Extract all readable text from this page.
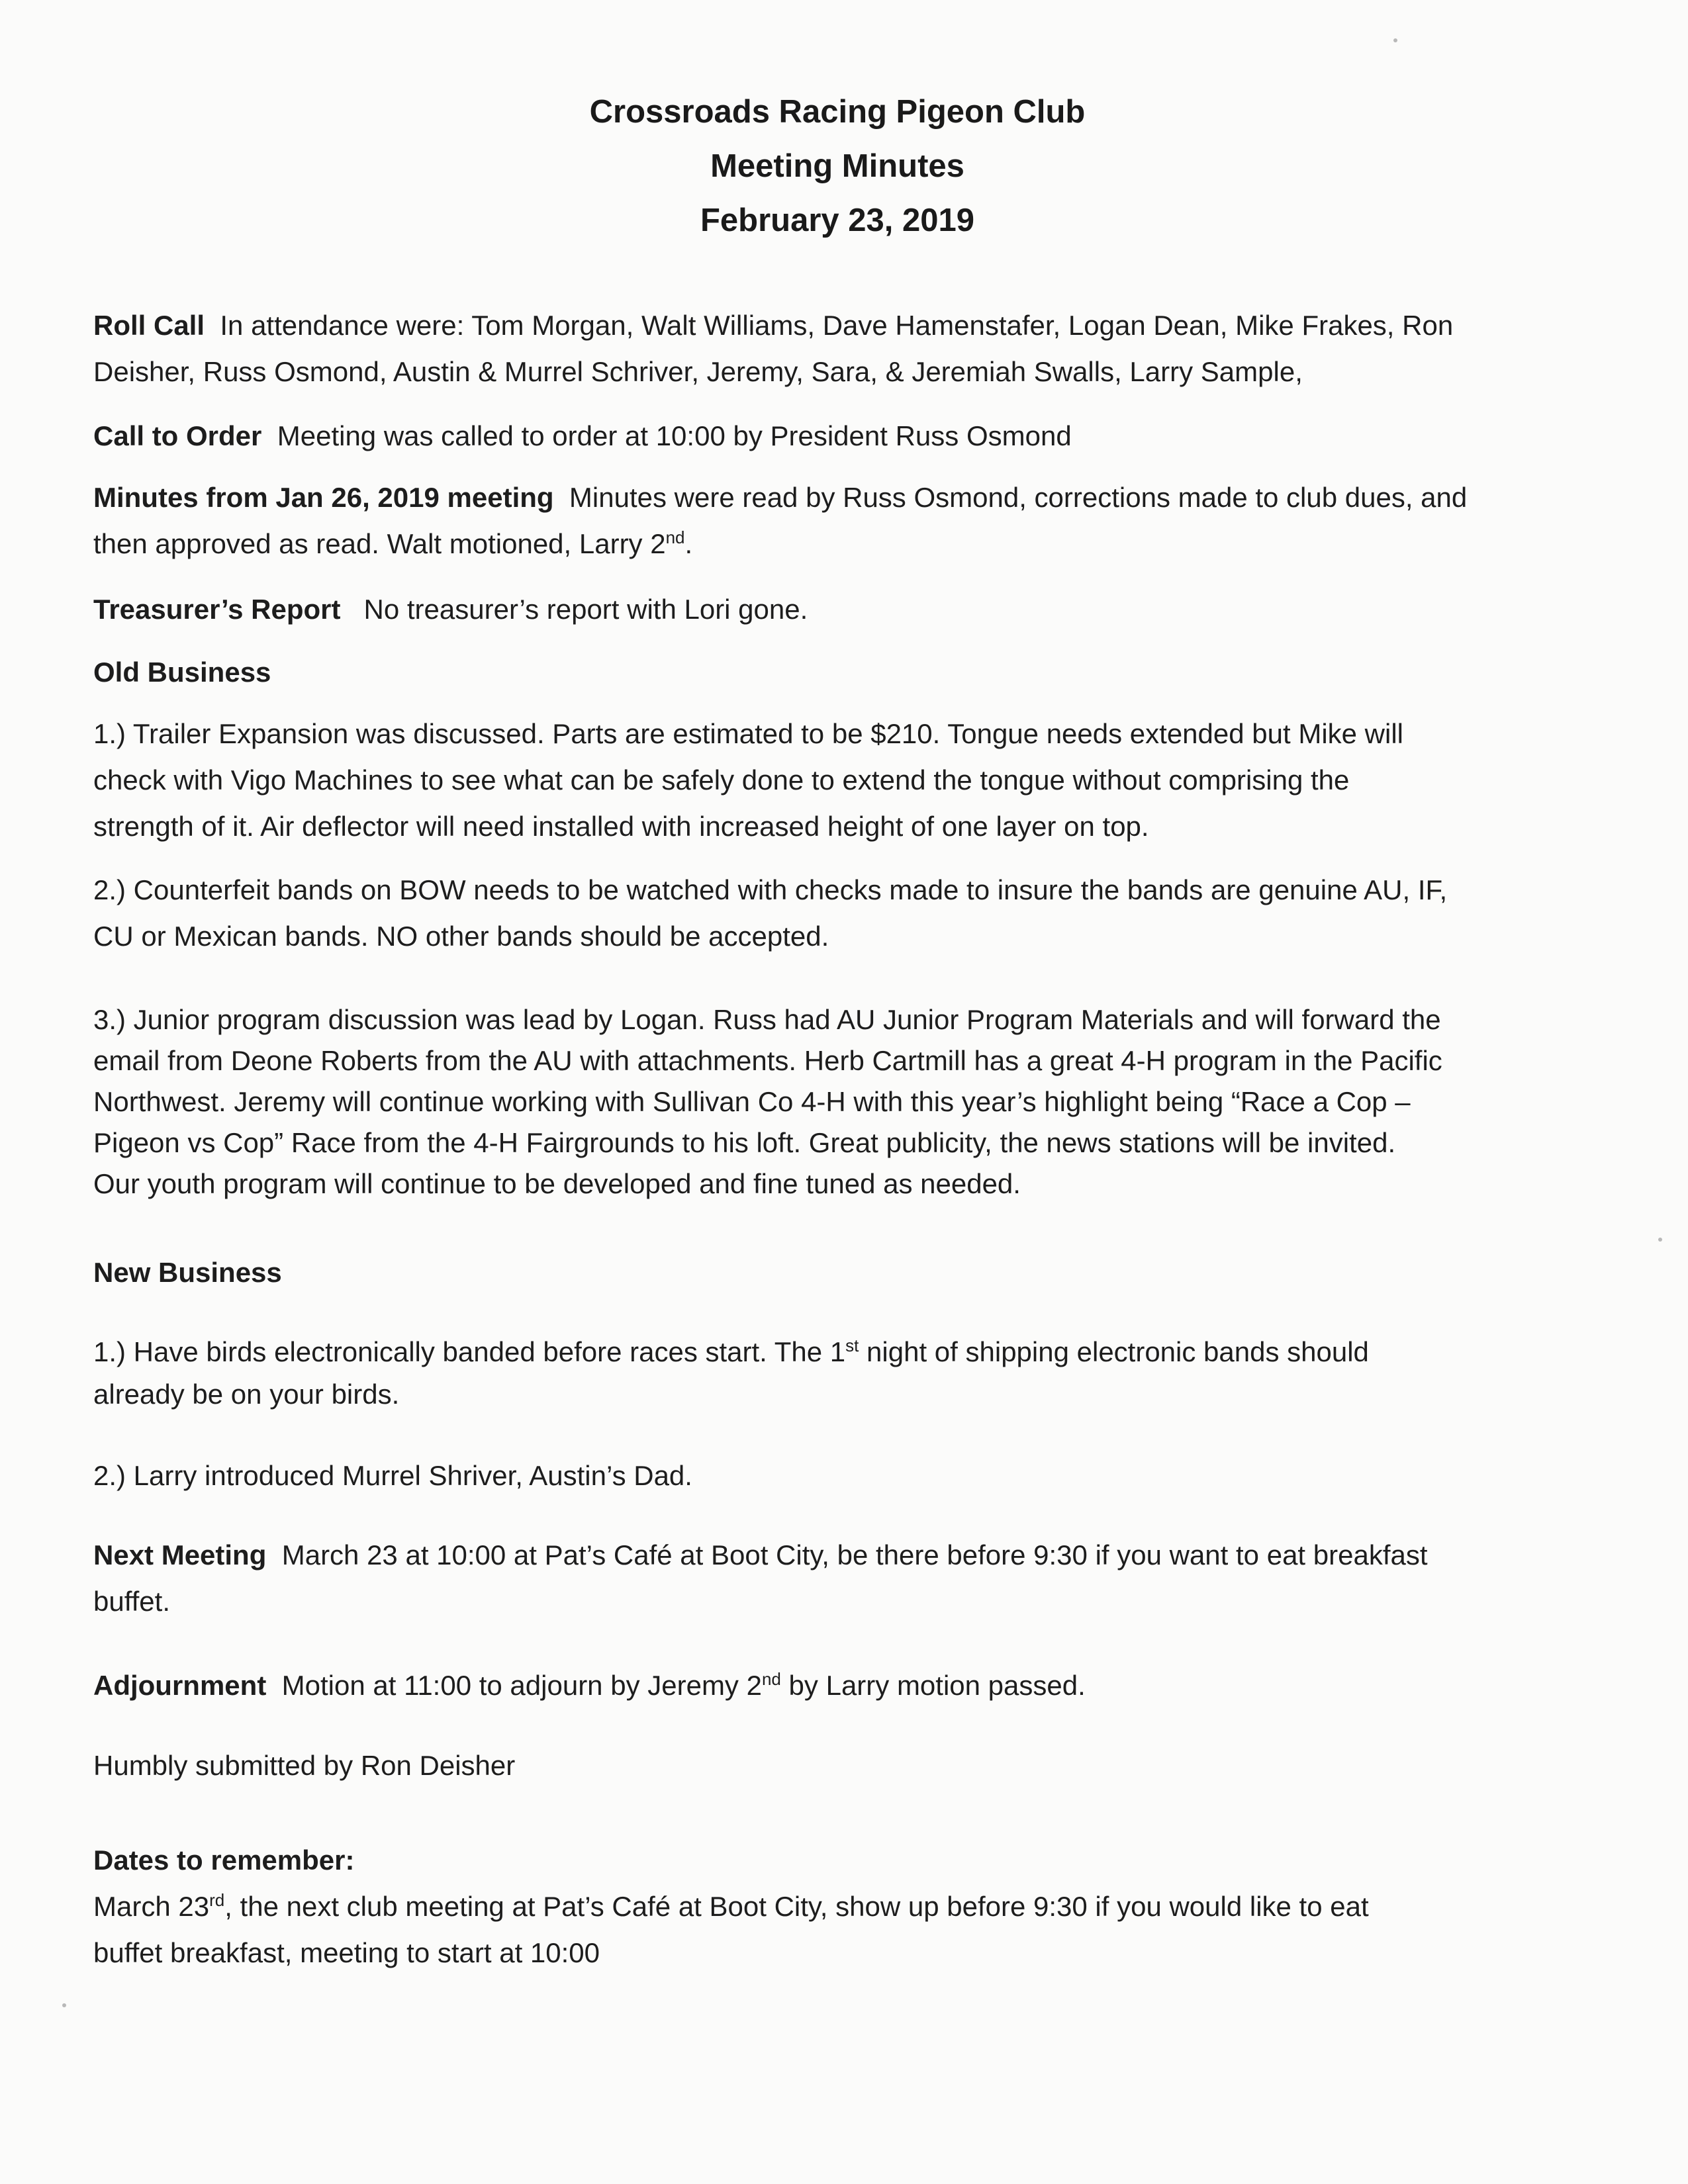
Crossroads Racing Pigeon Club
Meeting Minutes
February 23, 2019
Roll Call In attendance were: Tom Morgan, Walt Williams, Dave Hamenstafer, Logan Dean, Mike Frakes, Ron
Deisher, Russ Osmond, Austin & Murrel Schriver, Jeremy, Sara, & Jeremiah Swalls, Larry Sample,
Call to Order Meeting was called to order at 10:00 by President Russ Osmond
Minutes from Jan 26, 2019 meeting Minutes were read by Russ Osmond, corrections made to club dues, and
then approved as read. Walt motioned, Larry 2nd.
Treasurer’s Report No treasurer’s report with Lori gone.
Old Business
1.) Trailer Expansion was discussed. Parts are estimated to be $210. Tongue needs extended but Mike will
check with Vigo Machines to see what can be safely done to extend the tongue without comprising the
strength of it. Air deflector will need installed with increased height of one layer on top.
2.) Counterfeit bands on BOW needs to be watched with checks made to insure the bands are genuine AU, IF,
CU or Mexican bands. NO other bands should be accepted.
3.) Junior program discussion was lead by Logan. Russ had AU Junior Program Materials and will forward the
email from Deone Roberts from the AU with attachments. Herb Cartmill has a great 4-H program in the Pacific
Northwest. Jeremy will continue working with Sullivan Co 4-H with this year’s highlight being “Race a Cop –
Pigeon vs Cop” Race from the 4-H Fairgrounds to his loft. Great publicity, the news stations will be invited.
Our youth program will continue to be developed and fine tuned as needed.
New Business
1.) Have birds electronically banded before races start. The 1st night of shipping electronic bands should
already be on your birds.
2.) Larry introduced Murrel Shriver, Austin’s Dad.
Next Meeting March 23 at 10:00 at Pat’s Café at Boot City, be there before 9:30 if you want to eat breakfast
buffet.
Adjournment Motion at 11:00 to adjourn by Jeremy 2nd by Larry motion passed.
Humbly submitted by Ron Deisher
Dates to remember:
March 23rd, the next club meeting at Pat’s Café at Boot City, show up before 9:30 if you would like to eat
buffet breakfast, meeting to start at 10:00
